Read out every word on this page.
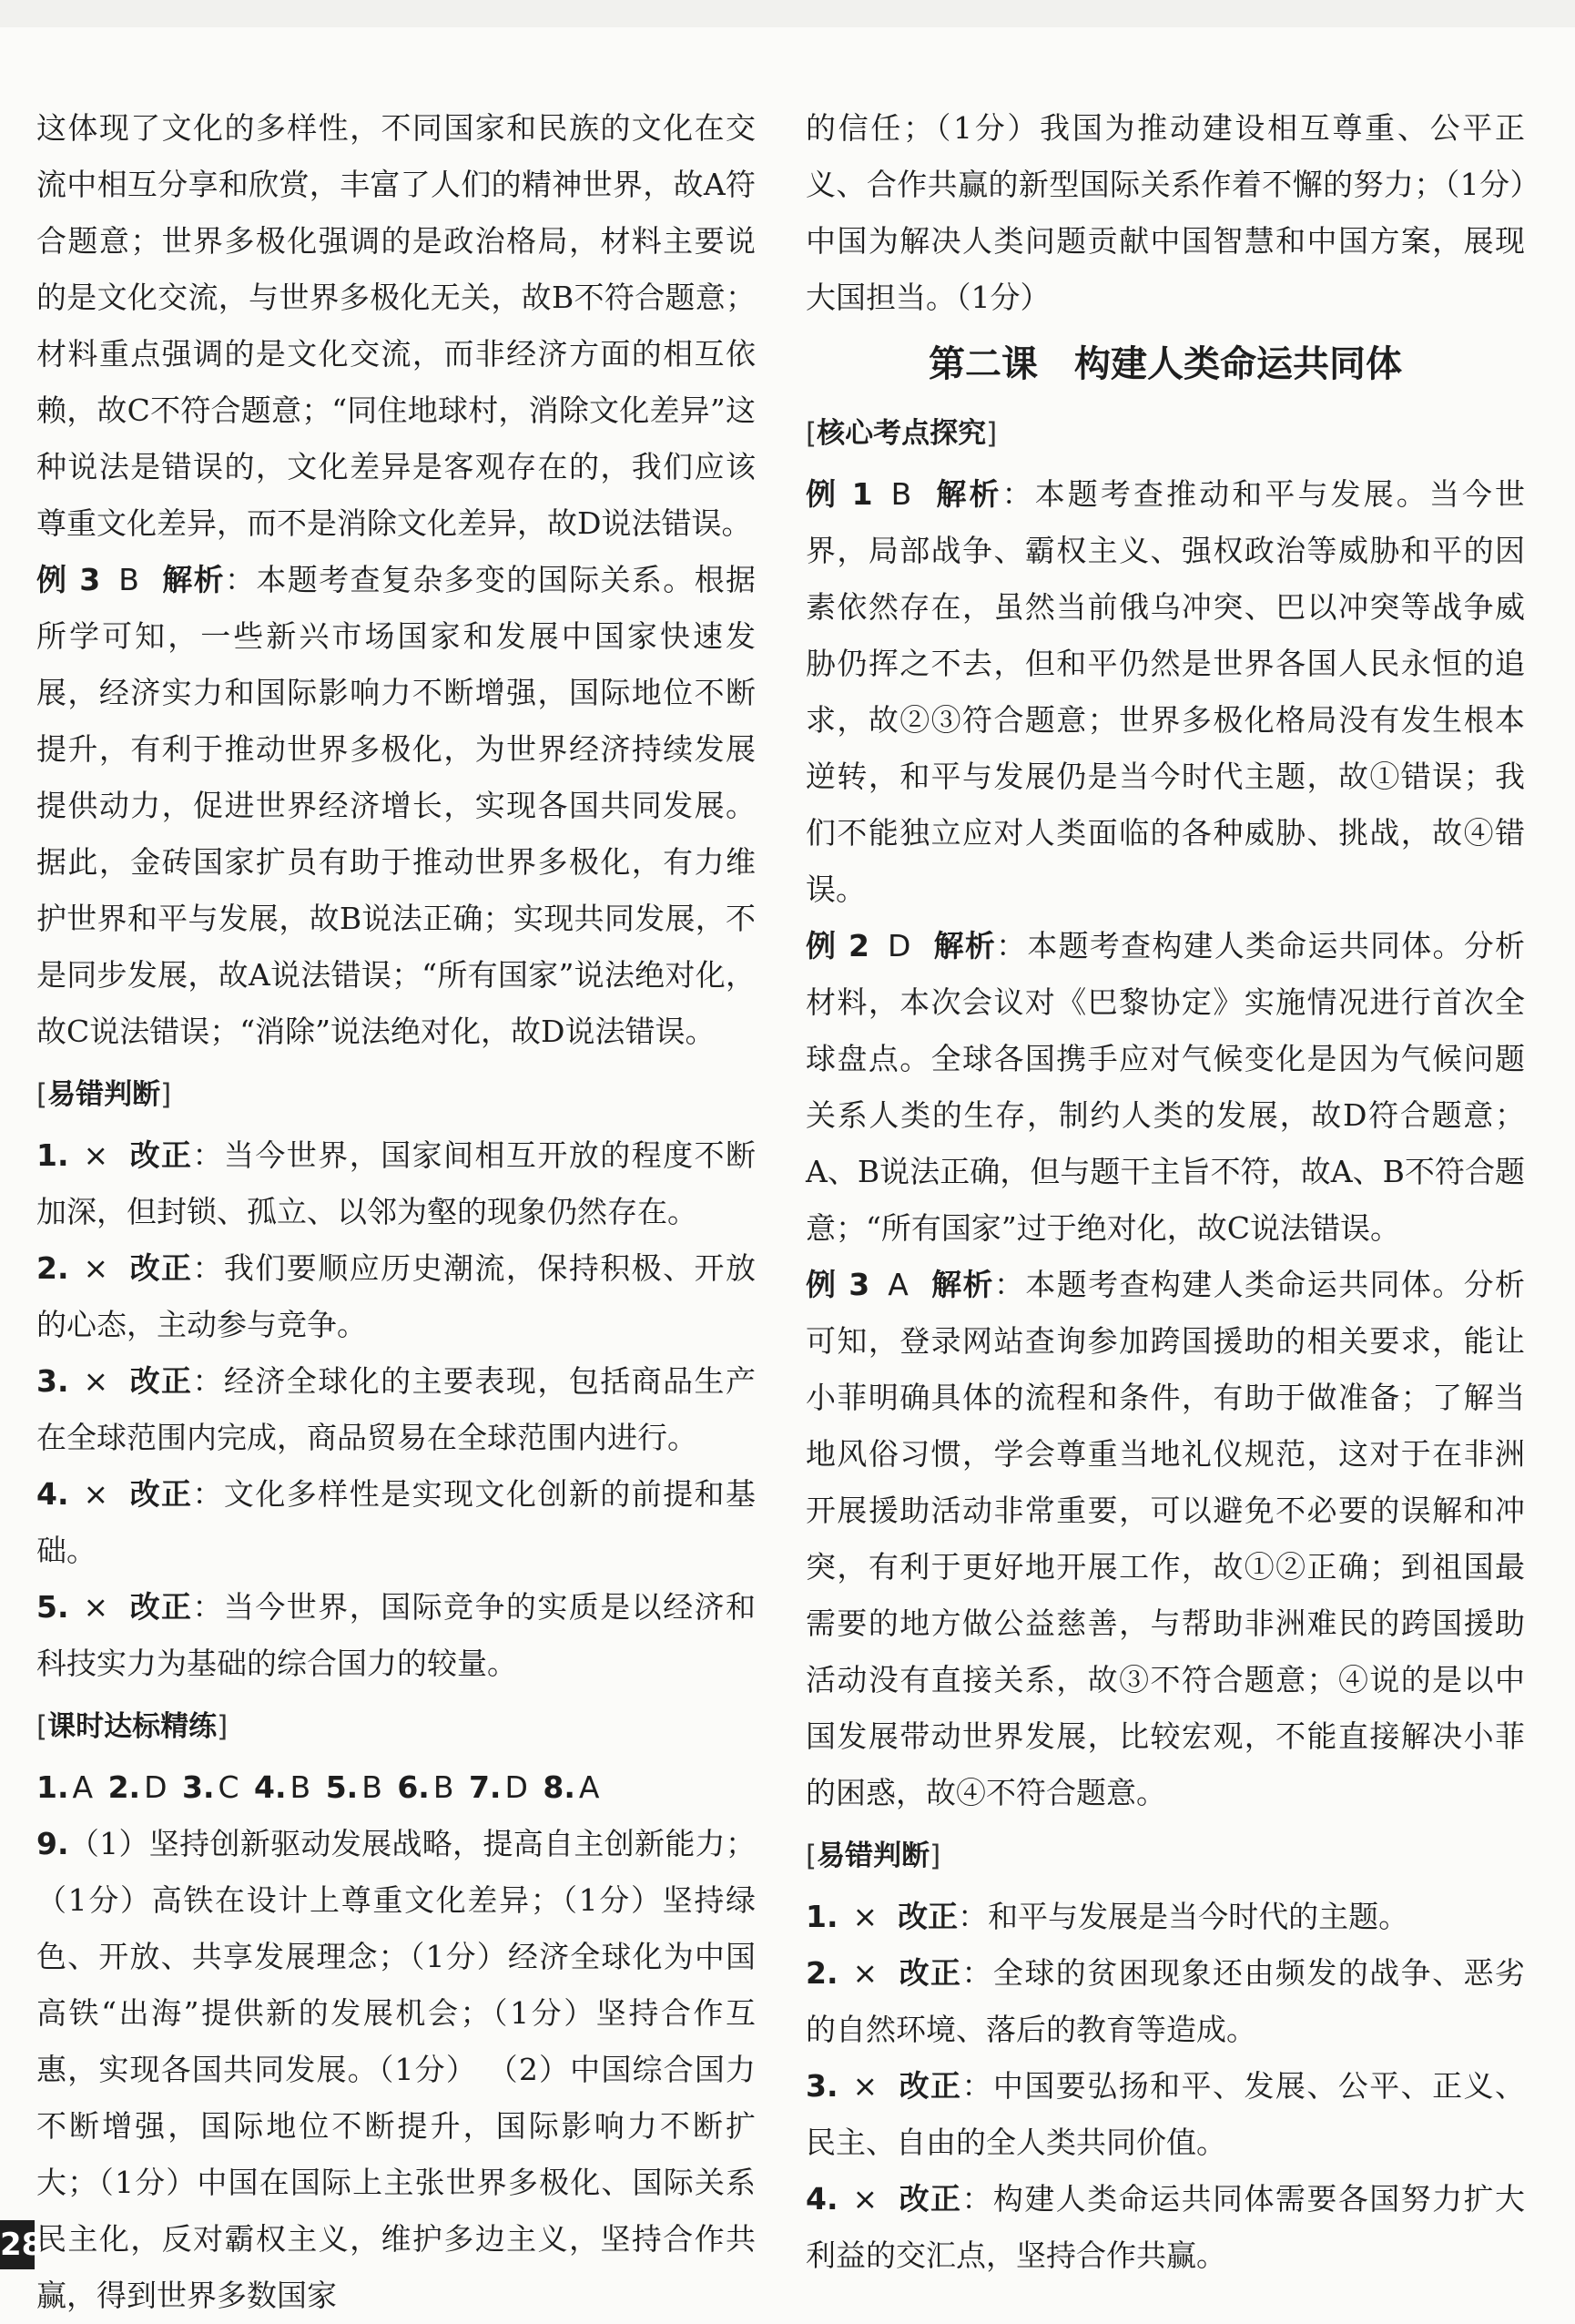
这体现了文化的多样性，不同国家和民族的文化在交流中相互分享和欣赏，丰富了人们的精神世界，故A符合题意；世界多极化强调的是政治格局，材料主要说的是文化交流，与世界多极化无关，故B不符合题意；材料重点强调的是文化交流，而非经济方面的相互依赖，故C不符合题意；“同住地球村，消除文化差异”这种说法是错误的，文化差异是客观存在的，我们应该尊重文化差异，而不是消除文化差异，故D说法错误。

例 3 B 解析：本题考查复杂多变的国际关系。根据所学可知，一些新兴市场国家和发展中国家快速发展，经济实力和国际影响力不断增强，国际地位不断提升，有利于推动世界多极化，为世界经济持续发展提供动力，促进世界经济增长，实现各国共同发展。据此，金砖国家扩员有助于推动世界多极化，有力维护世界和平与发展，故B说法正确；实现共同发展，不是同步发展，故A说法错误；“所有国家”说法绝对化，故C说法错误；“消除”说法绝对化，故D说法错误。

[易错判断]

1. × 改正：当今世界，国家间相互开放的程度不断加深，但封锁、孤立、以邻为壑的现象仍然存在。

2. × 改正：我们要顺应历史潮流，保持积极、开放的心态，主动参与竞争。

3. × 改正：经济全球化的主要表现，包括商品生产在全球范围内完成，商品贸易在全球范围内进行。

4. × 改正：文化多样性是实现文化创新的前提和基础。

5. × 改正：当今世界，国际竞争的实质是以经济和科技实力为基础的综合国力的较量。

[课时达标精练]

1. A 2. D 3. C 4. B 5. B 6. B 7. D 8. A

9.（1）坚持创新驱动发展战略，提高自主创新能力；（1分）高铁在设计上尊重文化差异；（1分）坚持绿色、开放、共享发展理念；（1分）经济全球化为中国高铁“出海”提供新的发展机会；（1分）坚持合作互惠，实现各国共同发展。（1分） （2）中国综合国力不断增强，国际地位不断提升，国际影响力不断扩大；（1分）中国在国际上主张世界多极化、国际关系民主化，反对霸权主义，维护多边主义，坚持合作共赢，得到世界多数国家

的信任；（1分）我国为推动建设相互尊重、公平正义、合作共赢的新型国际关系作着不懈的努力；（1分）中国为解决人类问题贡献中国智慧和中国方案，展现大国担当。（1分）

第二课　构建人类命运共同体
[核心考点探究]

例 1 B 解析：本题考查推动和平与发展。当今世界，局部战争、霸权主义、强权政治等威胁和平的因素依然存在，虽然当前俄乌冲突、巴以冲突等战争威胁仍挥之不去，但和平仍然是世界各国人民永恒的追求，故②③符合题意；世界多极化格局没有发生根本逆转，和平与发展仍是当今时代主题，故①错误；我们不能独立应对人类面临的各种威胁、挑战，故④错误。

例 2 D 解析：本题考查构建人类命运共同体。分析材料，本次会议对《巴黎协定》实施情况进行首次全球盘点。全球各国携手应对气候变化是因为气候问题关系人类的生存，制约人类的发展，故D符合题意；A、B说法正确，但与题干主旨不符，故A、B不符合题意；“所有国家”过于绝对化，故C说法错误。

例 3 A 解析：本题考查构建人类命运共同体。分析可知，登录网站查询参加跨国援助的相关要求，能让小菲明确具体的流程和条件，有助于做准备；了解当地风俗习惯，学会尊重当地礼仪规范，这对于在非洲开展援助活动非常重要，可以避免不必要的误解和冲突，有利于更好地开展工作，故①②正确；到祖国最需要的地方做公益慈善，与帮助非洲难民的跨国援助活动没有直接关系，故③不符合题意；④说的是以中国发展带动世界发展，比较宏观，不能直接解决小菲的困惑，故④不符合题意。

[易错判断]

1. × 改正：和平与发展是当今时代的主题。

2. × 改正：全球的贫困现象还由频发的战争、恶劣的自然环境、落后的教育等造成。

3. × 改正：中国要弘扬和平、发展、公平、正义、民主、自由的全人类共同价值。

4. × 改正：构建人类命运共同体需要各国努力扩大利益的交汇点，坚持合作共赢。

28
